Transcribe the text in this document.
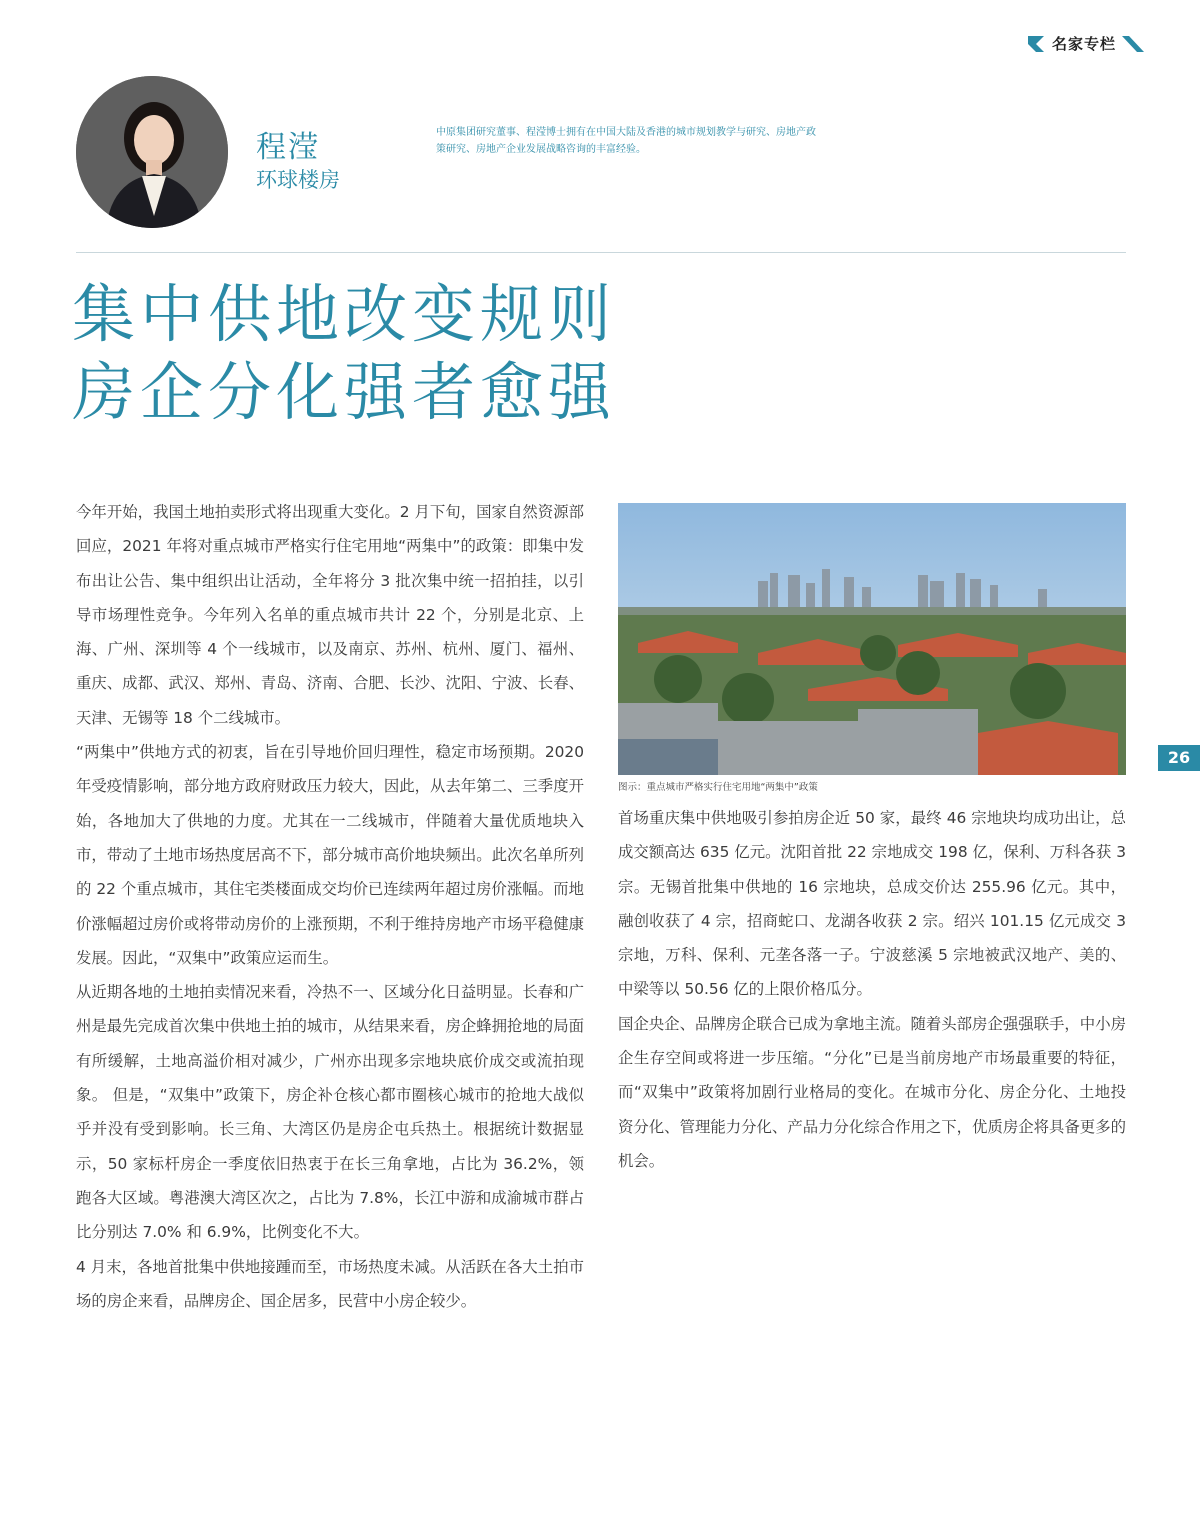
名家专栏
程滢
环球楼房
中原集团研究董事、程滢博士拥有在中国大陆及香港的城市规划教学与研究、房地产政策研究、房地产企业发展战略咨询的丰富经验。
集中供地改变规则
房企分化强者愈强

今年开始，我国土地拍卖形式将出现重大变化。2 月下旬，国家自然资源部回应，2021 年将对重点城市严格实行住宅用地“两集中”的政策：即集中发布出让公告、集中组织出让活动，全年将分 3 批次集中统一招拍挂，以引导市场理性竞争。今年列入名单的重点城市共计 22 个，分别是北京、上海、广州、深圳等 4 个一线城市，以及南京、苏州、杭州、厦门、福州、重庆、成都、武汉、郑州、青岛、济南、合肥、长沙、沈阳、宁波、长春、天津、无锡等 18 个二线城市。

“两集中”供地方式的初衷，旨在引导地价回归理性，稳定市场预期。2020 年受疫情影响，部分地方政府财政压力较大，因此，从去年第二、三季度开始，各地加大了供地的力度。尤其在一二线城市，伴随着大量优质地块入市，带动了土地市场热度居高不下，部分城市高价地块频出。此次名单所列的 22 个重点城市，其住宅类楼面成交均价已连续两年超过房价涨幅。而地价涨幅超过房价或将带动房价的上涨预期，不利于维持房地产市场平稳健康发展。因此，“双集中”政策应运而生。

从近期各地的土地拍卖情况来看，冷热不一、区域分化日益明显。长春和广州是最先完成首次集中供地土拍的城市，从结果来看，房企蜂拥抢地的局面有所缓解，土地高溢价相对减少，广州亦出现多宗地块底价成交或流拍现象。 但是，“双集中”政策下，房企补仓核心都市圈核心城市的抢地大战似乎并没有受到影响。长三角、大湾区仍是房企屯兵热土。根据统计数据显示，50 家标杆房企一季度依旧热衷于在长三角拿地，占比为 36.2%，领跑各大区域。粤港澳大湾区次之，占比为 7.8%，长江中游和成渝城市群占比分别达 7.0% 和 6.9%，比例变化不大。

4 月末，各地首批集中供地接踵而至，市场热度未减。从活跃在各大土拍市场的房企来看，品牌房企、国企居多，民营中小房企较少。

图示：重点城市严格实行住宅用地“两集中”政策

首场重庆集中供地吸引参拍房企近 50 家，最终 46 宗地块均成功出让，总成交额高达 635 亿元。沈阳首批 22 宗地成交 198 亿，保利、万科各获 3 宗。无锡首批集中供地的 16 宗地块，总成交价达 255.96 亿元。其中，融创收获了 4 宗，招商蛇口、龙湖各收获 2 宗。绍兴 101.15 亿元成交 3 宗地，万科、保利、元垄各落一子。宁波慈溪 5 宗地被武汉地产、美的、中梁等以 50.56 亿的上限价格瓜分。

国企央企、品牌房企联合已成为拿地主流。随着头部房企强强联手，中小房企生存空间或将进一步压缩。“分化”已是当前房地产市场最重要的特征，而“双集中”政策将加剧行业格局的变化。在城市分化、房企分化、土地投资分化、管理能力分化、产品力分化综合作用之下，优质房企将具备更多的机会。

26
